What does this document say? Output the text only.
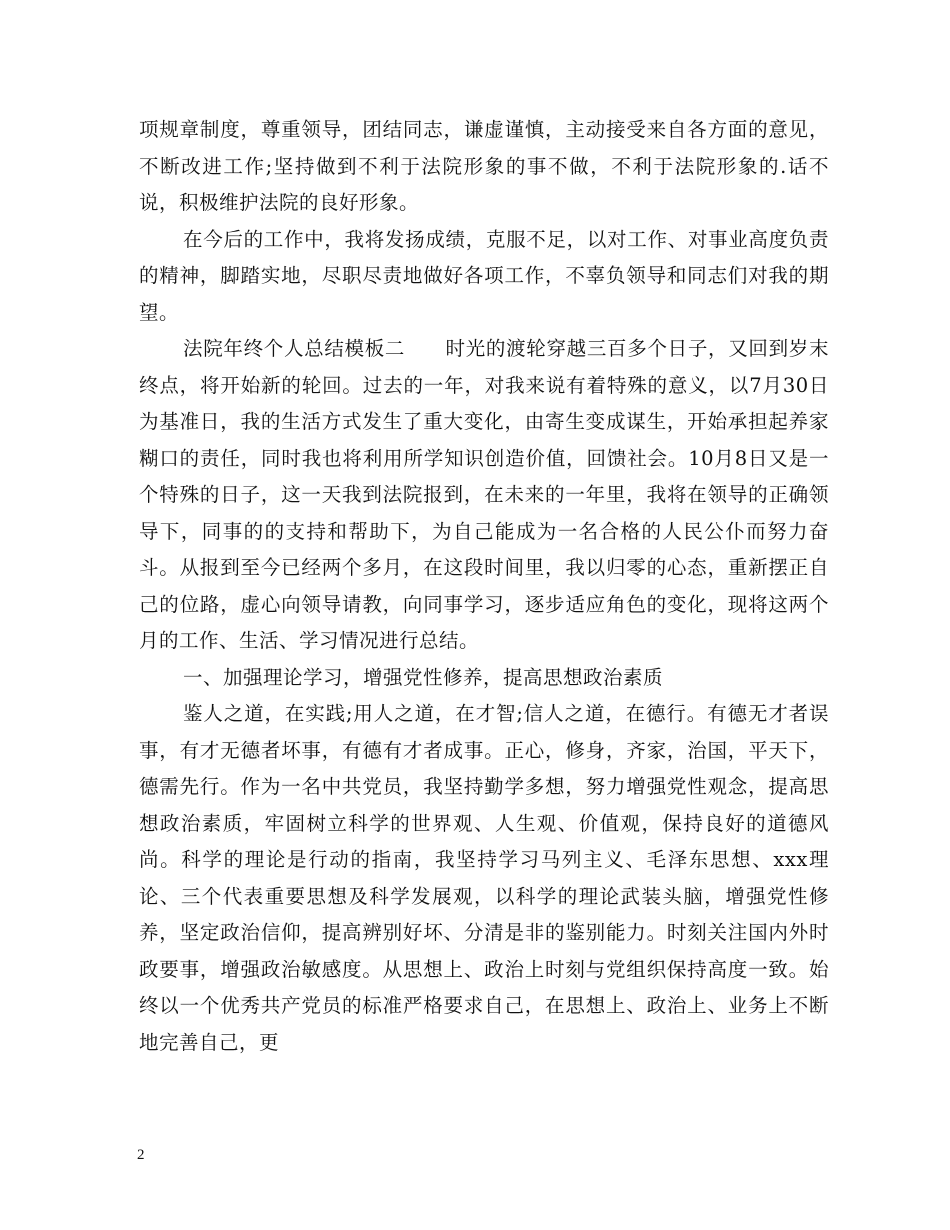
项规章制度，尊重领导，团结同志，谦虚谨慎，主动接受来自各方面的意见，不断改进工作;坚持做到不利于法院形象的事不做，不利于法院形象的.话不说，积极维护法院的良好形象。

在今后的工作中，我将发扬成绩，克服不足，以对工作、对事业高度负责的精神，脚踏实地，尽职尽责地做好各项工作，不辜负领导和同志们对我的期望。

法院年终个人总结模板二　　时光的渡轮穿越三百多个日子，又回到岁末终点，将开始新的轮回。过去的一年，对我来说有着特殊的意义，以7月30日为基准日，我的生活方式发生了重大变化，由寄生变成谋生，开始承担起养家糊口的责任，同时我也将利用所学知识创造价值，回馈社会。10月8日又是一个特殊的日子，这一天我到法院报到，在未来的一年里，我将在领导的正确领导下，同事的的支持和帮助下，为自己能成为一名合格的人民公仆而努力奋斗。从报到至今已经两个多月，在这段时间里，我以归零的心态，重新摆正自己的位路，虚心向领导请教，向同事学习，逐步适应角色的变化，现将这两个月的工作、生活、学习情况进行总结。

一、加强理论学习，增强党性修养，提高思想政治素质

鉴人之道，在实践;用人之道，在才智;信人之道，在德行。有德无才者误事，有才无德者坏事，有德有才者成事。正心，修身，齐家，治国，平天下，德需先行。作为一名中共党员，我坚持勤学多想，努力增强党性观念，提高思想政治素质，牢固树立科学的世界观、人生观、价值观，保持良好的道德风尚。科学的理论是行动的指南，我坚持学习马列主义、毛泽东思想、xxx理论、三个代表重要思想及科学发展观，以科学的理论武装头脑，增强党性修养，坚定政治信仰，提高辨别好坏、分清是非的鉴别能力。时刻关注国内外时政要事，增强政治敏感度。从思想上、政治上时刻与党组织保持高度一致。始终以一个优秀共产党员的标准严格要求自己，在思想上、政治上、业务上不断地完善自己，更

2
